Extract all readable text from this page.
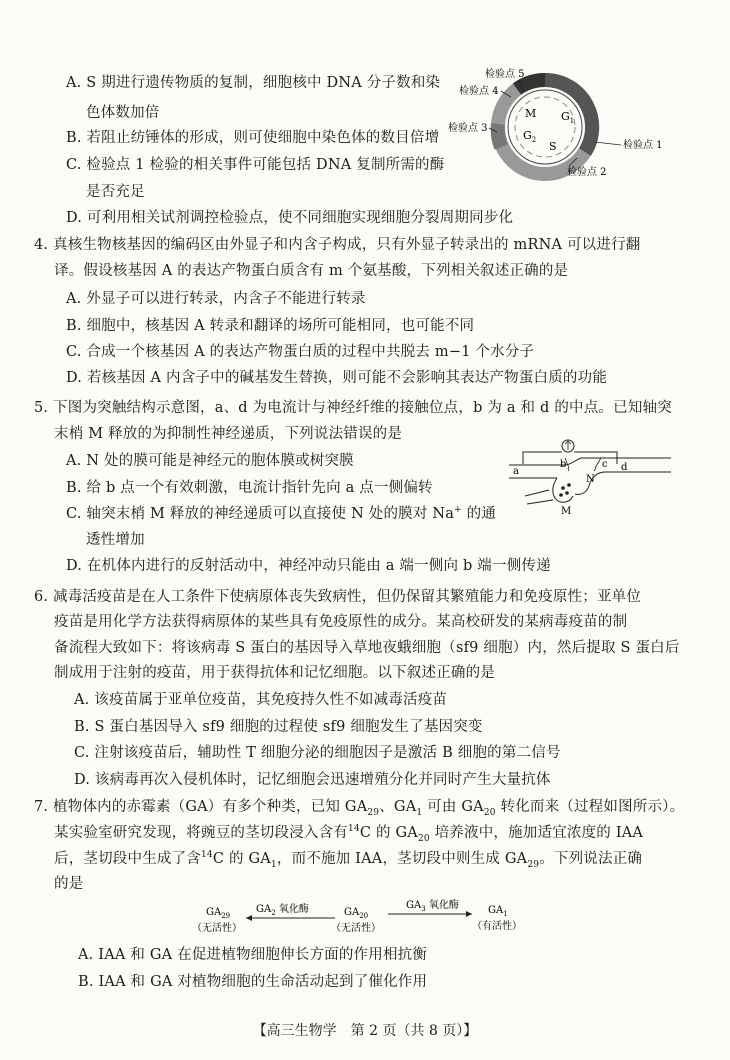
A. S 期进行遗传物质的复制，细胞核中 DNA 分子数和染
色体数加倍
B. 若阻止纺锤体的形成，则可使细胞中染色体的数目倍增
C. 检验点 1 检验的相关事件可能包括 DNA 复制所需的酶
是否充足
D. 可利用相关试剂调控检验点，使不同细胞实现细胞分裂周期同步化
M $G_1$
S
$G_2$
检验点 5
检验点 4
检验点 3
检验点 1
检验点 2
4. 真核生物核基因的编码区由外显子和内含子构成，只有外显子转录出的 mRNA 可以进行翻
译。假设核基因 A 的表达产物蛋白质含有 m 个氨基酸，下列相关叙述正确的是
A. 外显子可以进行转录，内含子不能进行转录
B. 细胞中，核基因 A 转录和翻译的场所可能相同，也可能不同
C. 合成一个核基因 A 的表达产物蛋白质的过程中共脱去 m−1 个水分子
D. 若核基因 A 内含子中的碱基发生替换，则可能不会影响其表达产物蛋白质的功能
5. 下图为突触结构示意图，a、d 为电流计与神经纤维的接触位点，b 为 a 和 d 的中点。已知轴突
末梢 M 释放的为抑制性神经递质，下列说法错误的是
A. N 处的膜可能是神经元的胞体膜或树突膜
B. 给 b 点一个有效刺激，电流计指针先向 a 点一侧偏转
C. 轴突末梢 M 释放的神经递质可以直接使 N 处的膜对 Na+ 的通
透性增加
D. 在机体内进行的反射活动中，神经冲动只能由 a 端一侧向 b 端一侧传递
a
b	c d
N
M
6. 减毒活疫苗是在人工条件下使病原体丧失致病性，但仍保留其繁殖能力和免疫原性；亚单位
疫苗是用化学方法获得病原体的某些具有免疫原性的成分。某高校研发的某病毒疫苗的制
备流程大致如下：将该病毒 S 蛋白的基因导入草地夜蛾细胞（sf9 细胞）内，然后提取 S 蛋白后
制成用于注射的疫苗，用于获得抗体和记忆细胞。以下叙述正确的是
A. 该疫苗属于亚单位疫苗，其免疫持久性不如减毒活疫苗
B. S 蛋白基因导入 sf9 细胞的过程使 sf9 细胞发生了基因突变
C. 注射该疫苗后，辅助性 T 细胞分泌的细胞因子是激活 B 细胞的第二信号
D. 该病毒再次入侵机体时，记忆细胞会迅速增殖分化并同时产生大量抗体
7. 植物体内的赤霉素（GA）有多个种类，已知 $GA_{29}$、$GA_1$ 可由 $GA_{20}$ 转化而来（过程如图所示）。
某实验室研究发现，将豌豆的茎切段浸入含有$^{14}$C 的 $GA_{20}$ 培养液中，施加适宜浓度的 IAA
后，茎切段中生成了含$^{14}$C 的 $GA_1$，而不施加 IAA，茎切段中则生成 $GA_{29}$。下列说法正确
的是
$GA_{29}$
（无活性）
$GA_2$ 氧化酶	$GA_{20}$
（无活性）
$GA_3$ 氧化酶	$GA_1$
（有活性）
A. IAA 和 GA 在促进植物细胞伸长方面的作用相抗衡
B. IAA 和 GA 对植物细胞的生命活动起到了催化作用
【高三生物学　第 2 页（共 8 页）】
